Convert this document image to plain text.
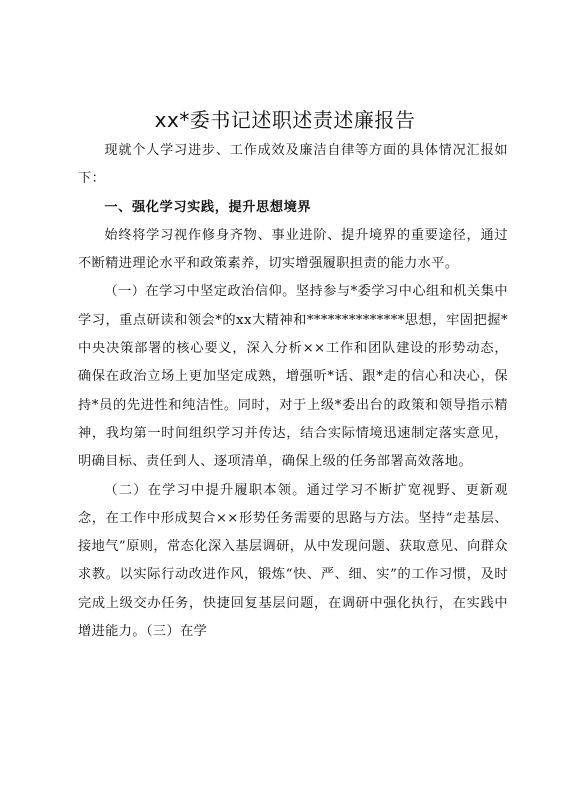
xx*委书记述职述责述廉报告

现就个人学习进步、工作成效及廉洁自律等方面的具体情况汇报如下：

一、强化学习实践，提升思想境界

始终将学习视作修身齐物、事业进阶、提升境界的重要途径，通过不断精进理论水平和政策素养，切实增强履职担责的能力水平。

（一）在学习中坚定政治信仰。坚持参与*委学习中心组和机关集中学习，重点研读和领会*的xx大精神和**************思想，牢固把握*中央决策部署的核心要义，深入分析××工作和团队建设的形势动态，确保在政治立场上更加坚定成熟，增强听*话、跟*走的信心和决心，保持*员的先进性和纯洁性。同时，对于上级*委出台的政策和领导指示精神，我均第一时间组织学习并传达，结合实际情境迅速制定落实意见，明确目标、责任到人、逐项清单，确保上级的任务部署高效落地。

（二）在学习中提升履职本领。通过学习不断扩宽视野、更新观念，在工作中形成契合××形势任务需要的思路与方法。坚持“走基层、接地气”原则，常态化深入基层调研，从中发现问题、获取意见、向群众求教。以实际行动改进作风，锻炼“快、严、细、实”的工作习惯，及时完成上级交办任务，快捷回复基层问题，在调研中强化执行，在实践中增进能力。（三）在学
